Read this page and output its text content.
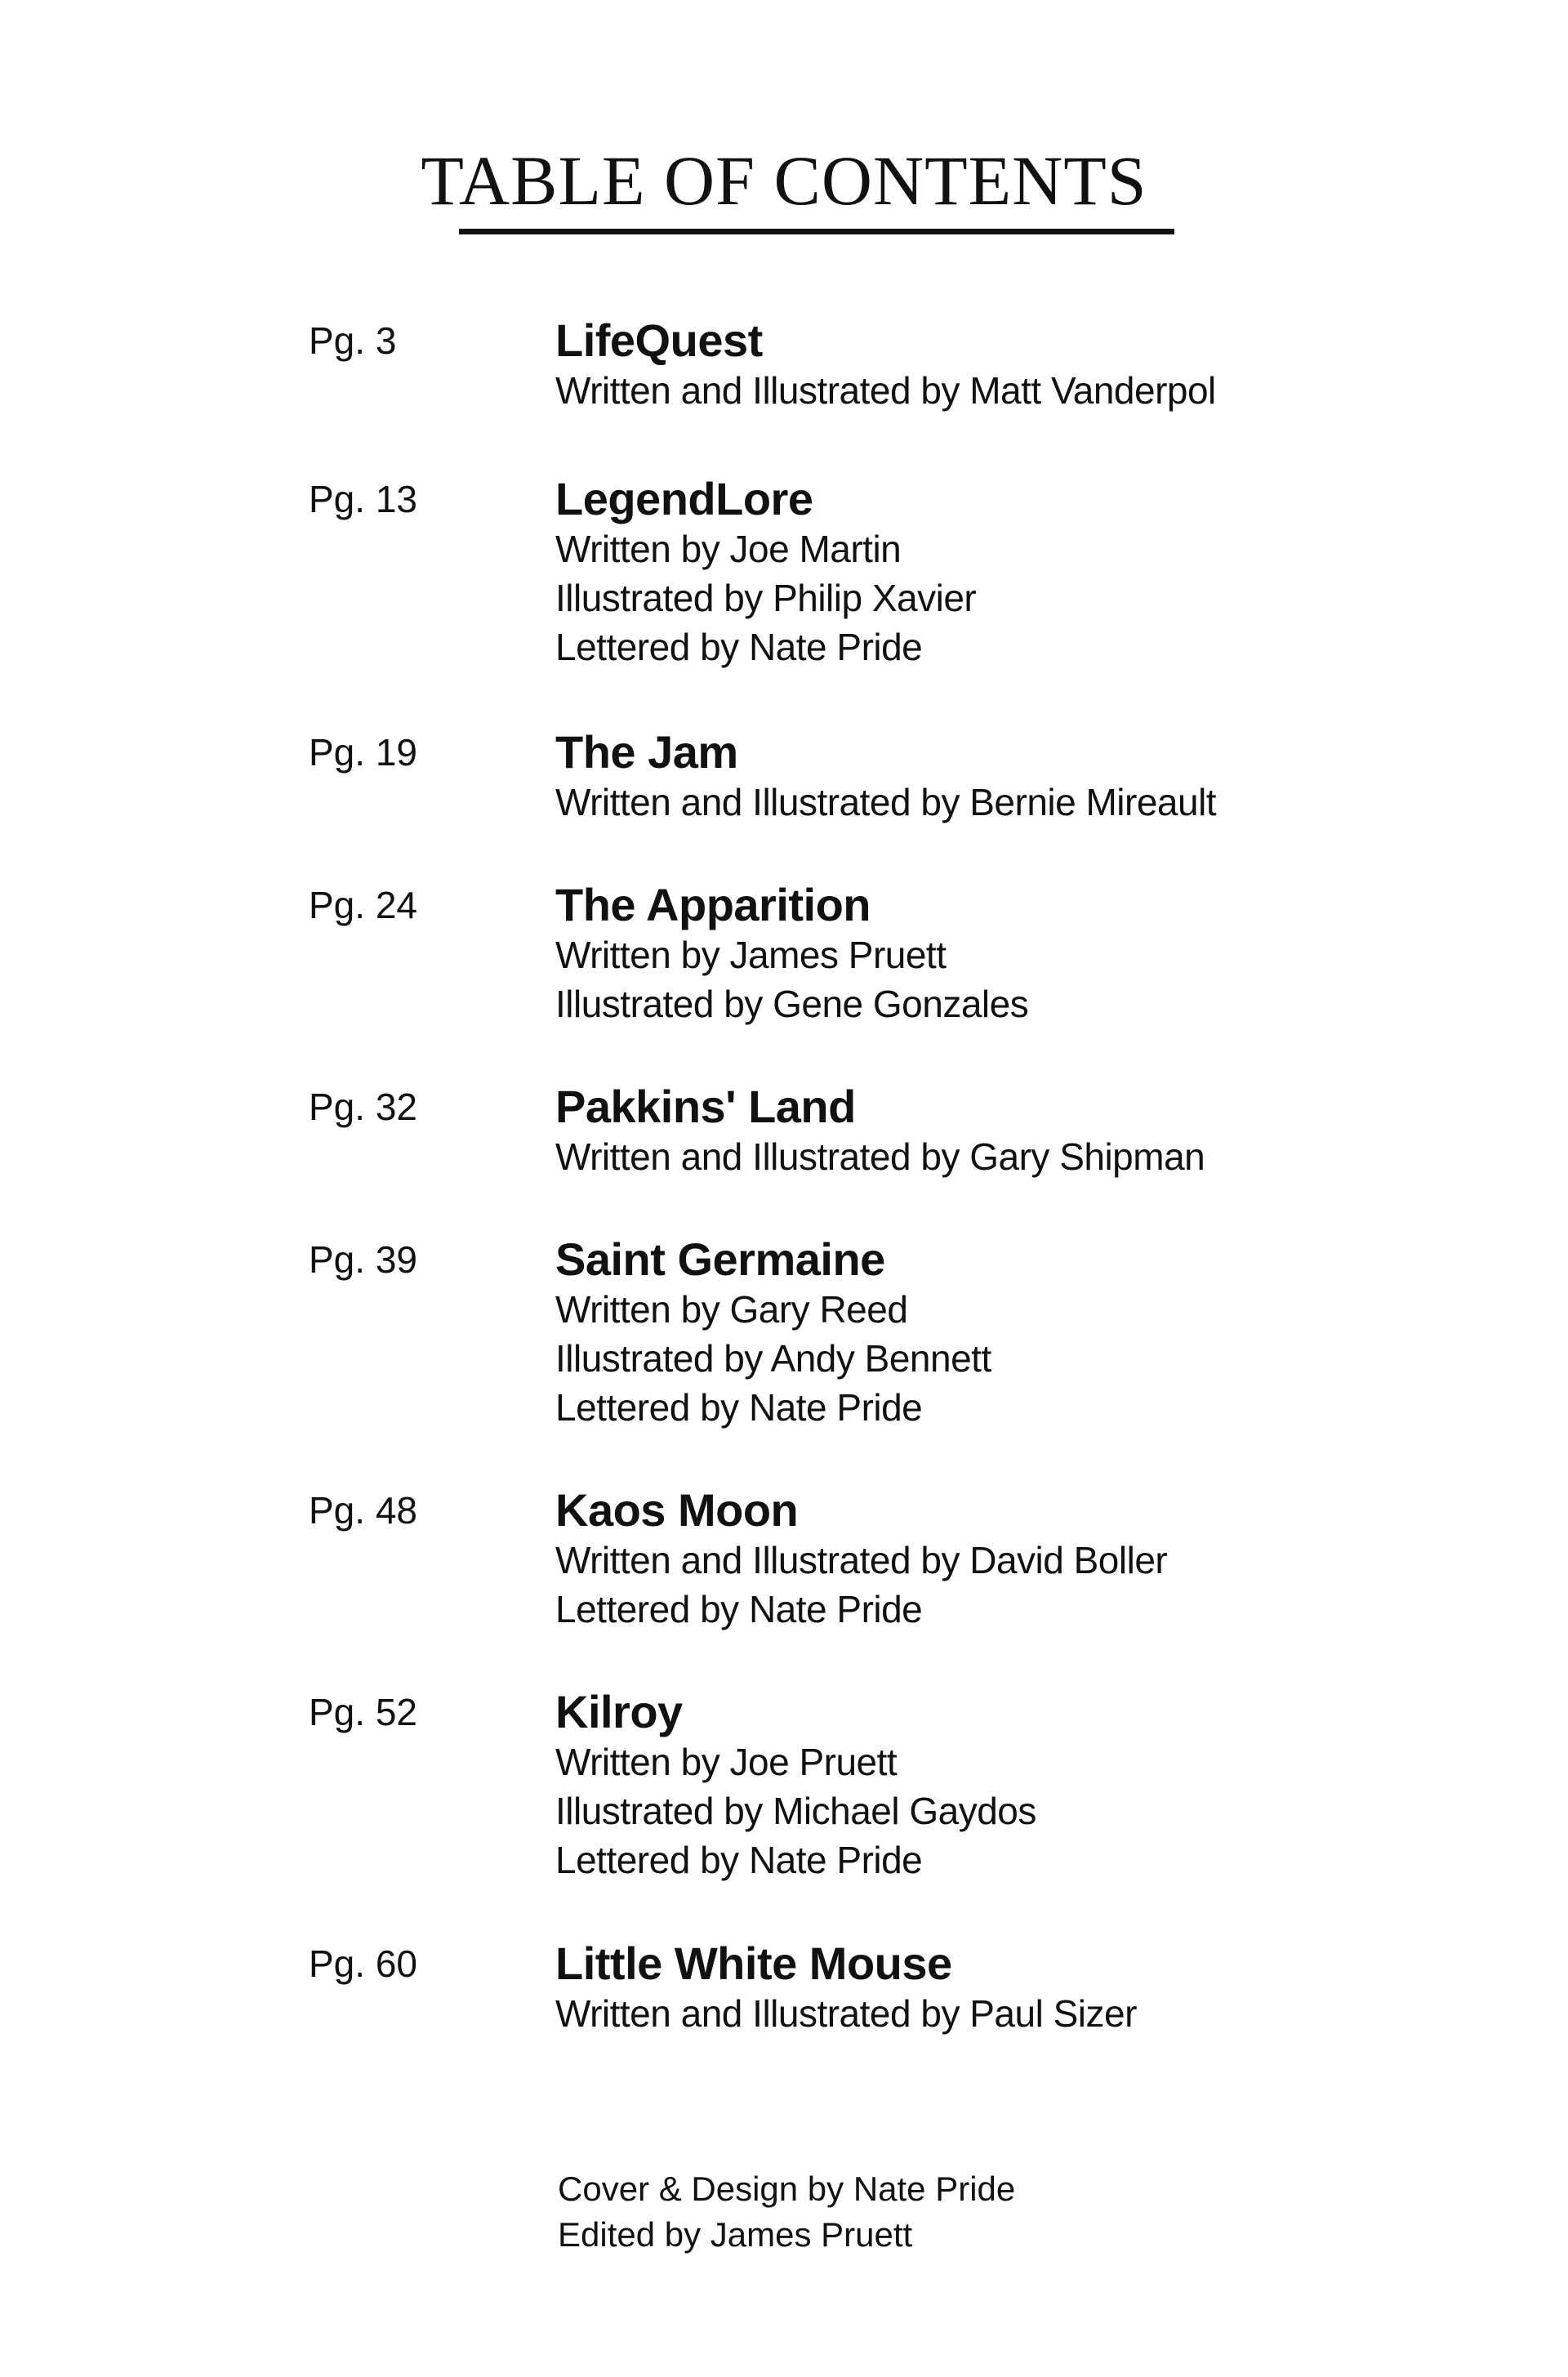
TABLE OF CONTENTS
Pg. 3	LifeQuest
Written and Illustrated by Matt Vanderpol
Pg. 13	LegendLore
Written by Joe Martin
Illustrated by Philip Xavier
Lettered by Nate Pride
Pg. 19	The Jam
Written and Illustrated by Bernie Mireault
Pg. 24	The Apparition
Written by James Pruett
Illustrated by Gene Gonzales
Pg. 32	Pakkins' Land
Written and Illustrated by Gary Shipman
Pg. 39	Saint Germaine
Written by Gary Reed
Illustrated by Andy Bennett
Lettered by Nate Pride
Pg. 48	Kaos Moon
Written and Illustrated by David Boller
Lettered by Nate Pride
Pg. 52	Kilroy
Written by Joe Pruett
Illustrated by Michael Gaydos
Lettered by Nate Pride
Pg. 60	Little White Mouse
Written and Illustrated by Paul Sizer
Cover & Design by Nate Pride
Edited by James Pruett
